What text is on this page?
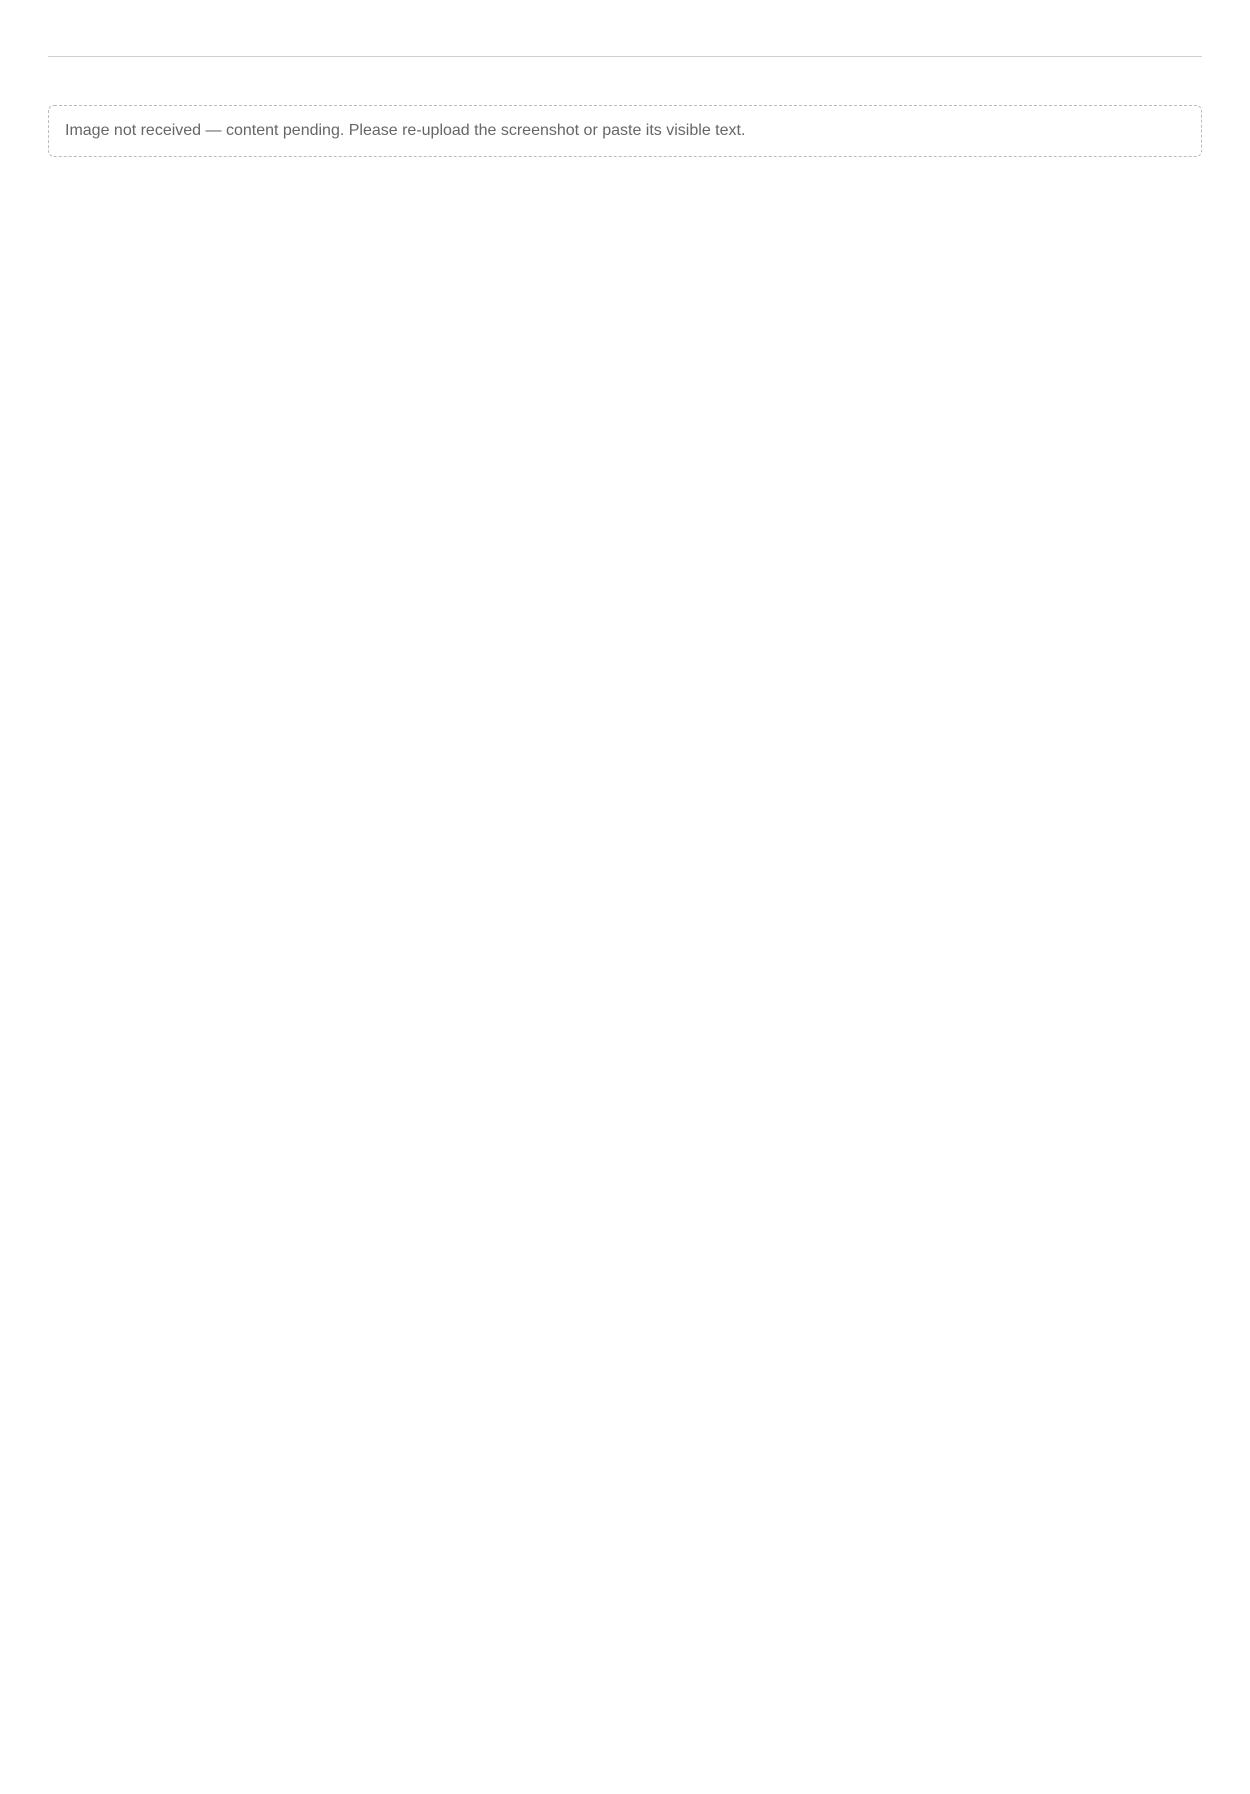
Image not received — content pending. Please re-upload the screenshot or paste its visible text.
